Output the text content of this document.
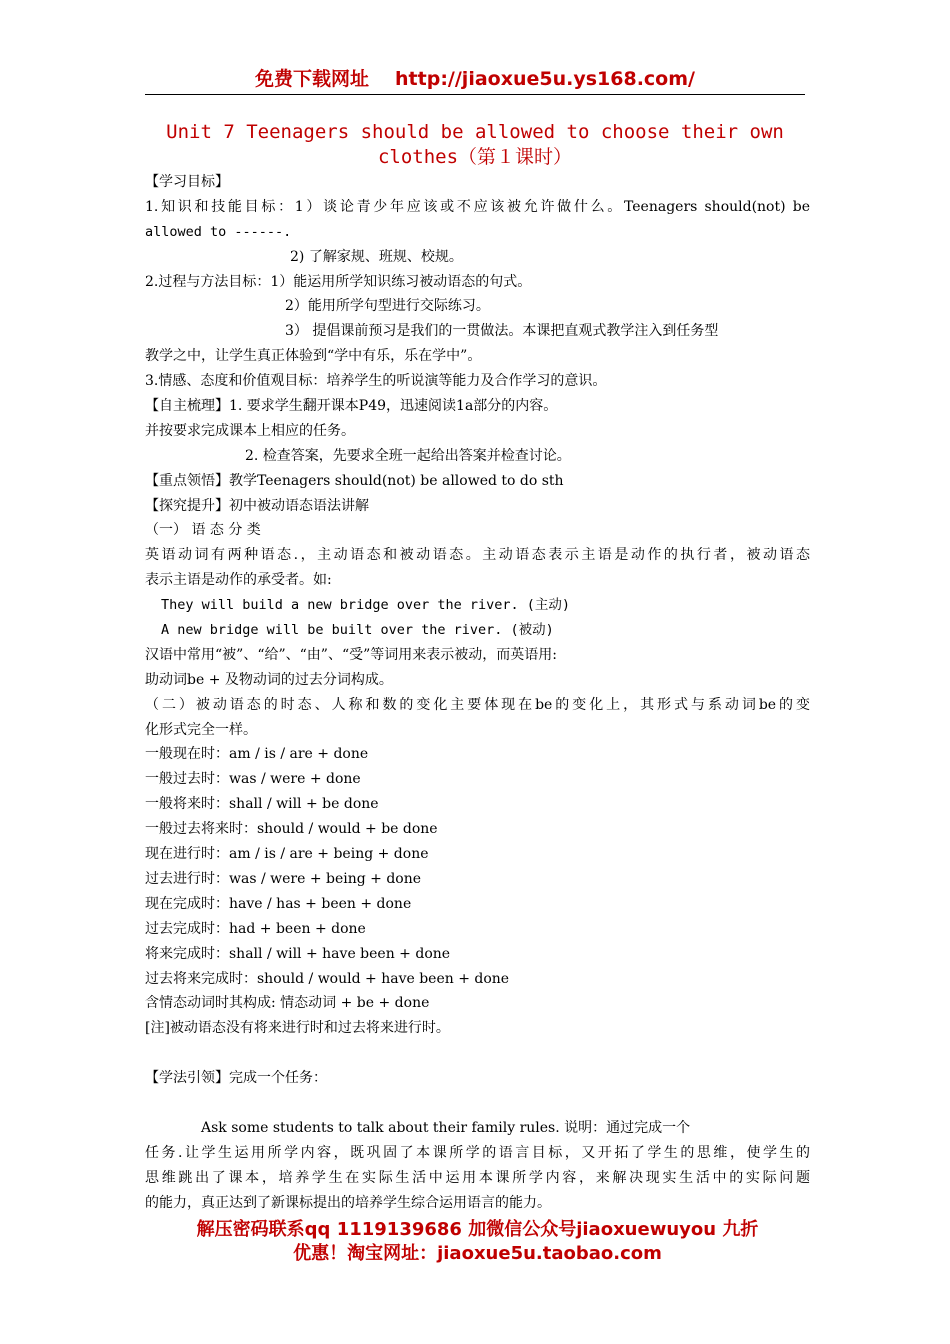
免费下载网址 http://jiaoxue5u.ys168.com/
Unit 7 Teenagers should be allowed to choose their own
clothes（第１课时）
【学习目标】
1.知识和技能目标：1）谈论青少年应该或不应该被允许做什么。Teenagers should(not) be
allowed to ------.
2) 了解家规、班规、校规。
2.过程与方法目标：1）能运用所学知识练习被动语态的句式。
2）能用所学句型进行交际练习。
3） 提倡课前预习是我们的一贯做法。本课把直观式教学注入到任务型
教学之中，让学生真正体验到“学中有乐，乐在学中”。
3.情感、态度和价值观目标：培养学生的听说演等能力及合作学习的意识。
【自主梳理】1. 要求学生翻开课本P49，迅速阅读1a部分的内容。
并按要求完成课本上相应的任务。
2. 检查答案，先要求全班一起给出答案并检查讨论。
【重点领悟】教学Teenagers should(not) be allowed to do sth
【探究提升】初中被动语态语法讲解
（一） 语 态 分 类
英语动词有两种语态.，主动语态和被动语态。主动语态表示主语是动作的执行者，被动语态
表示主语是动作的承受者。如:
They will build a new bridge over the river. (主动)
A new bridge will be built over the river. (被动)
汉语中常用“被”、“给”、“由”、“受”等词用来表示被动，而英语用:
助动词be + 及物动词的过去分词构成。
（二）被动语态的时态、人称和数的变化主要体现在be的变化上，其形式与系动词be的变
化形式完全一样。
一般现在时：am / is / are + done
一般过去时：was / were + done
一般将来时：shall / will + be done
一般过去将来时：should / would + be done
现在进行时：am / is / are + being + done
过去进行时：was / were + being + done
现在完成时：have / has + been + done
过去完成时：had + been + done
将来完成时：shall / will + have been + done
过去将来完成时：should / would + have been + done
含情态动词时其构成: 情态动词 + be + done
[注]被动语态没有将来进行时和过去将来进行时。
【学法引领】完成一个任务：
Ask some students to talk about their family rules. 说明：通过完成一个
任务.让学生运用所学内容，既巩固了本课所学的语言目标，又开拓了学生的思维，使学生的
思维跳出了课本，培养学生在实际生活中运用本课所学内容，来解决现实生活中的实际问题
的能力，真正达到了新课标提出的培养学生综合运用语言的能力。
解压密码联系qq 1119139686 加微信公众号jiaoxuewuyou 九折
优惠！淘宝网址：jiaoxue5u.taobao.com
